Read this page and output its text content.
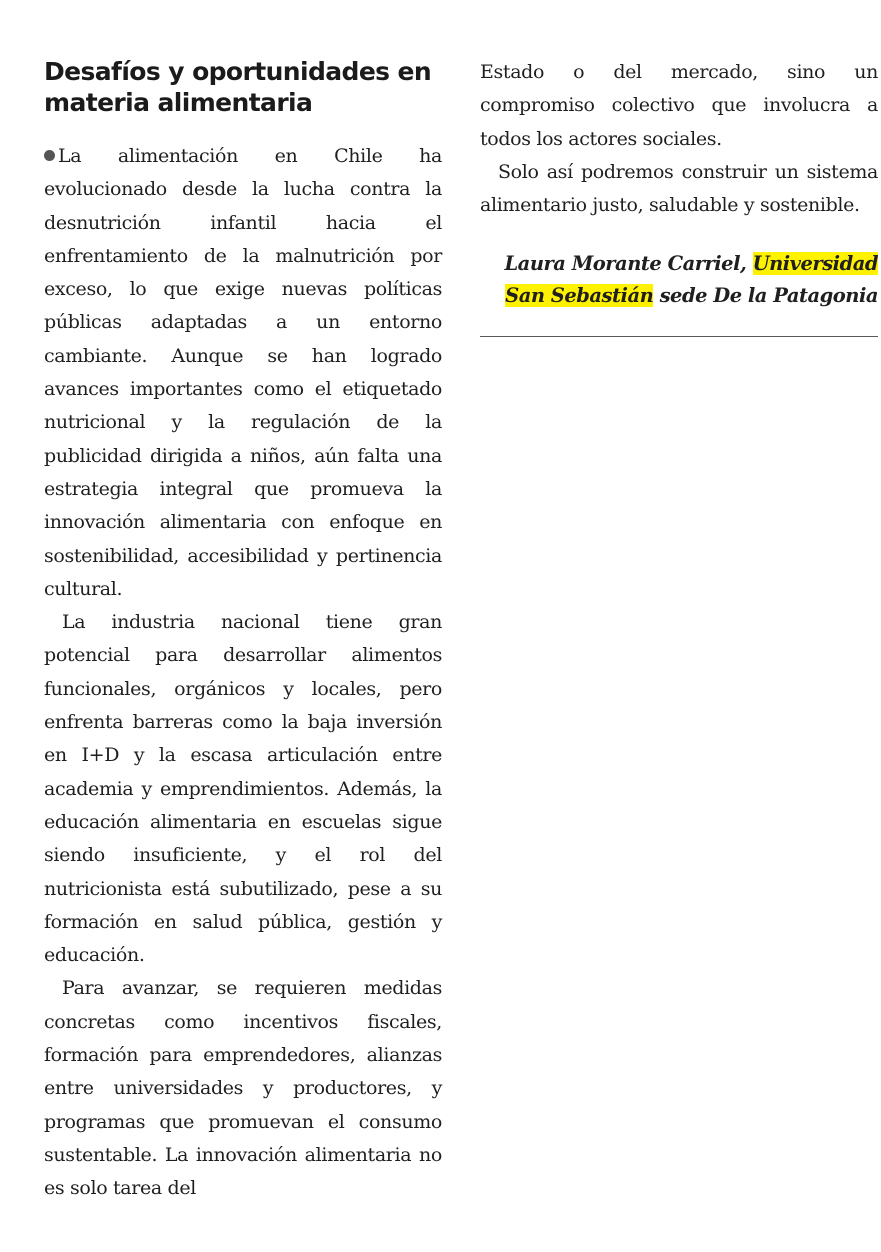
Desafíos y oportunidades en materia alimentaria

La alimentación en Chile ha evolucionado desde la lucha contra la desnutrición infantil hacia el enfrentamiento de la malnutrición por exceso, lo que exige nuevas políticas públicas adaptadas a un entorno cambiante. Aunque se han logrado avances importantes como el etiquetado nutricional y la regulación de la publicidad dirigida a niños, aún falta una estrategia integral que promueva la innovación alimentaria con enfoque en sostenibilidad, accesibilidad y pertinencia cultural.

La industria nacional tiene gran potencial para desarrollar alimentos funcionales, orgánicos y locales, pero enfrenta barreras como la baja inversión en I+D y la escasa articulación entre academia y emprendimientos. Además, la educación alimentaria en escuelas sigue siendo insuficiente, y el rol del nutricionista está subutilizado, pese a su formación en salud pública, gestión y educación.

Para avanzar, se requieren medidas concretas como incentivos fiscales, formación para emprendedores, alianzas entre universidades y productores, y programas que promuevan el consumo sustentable. La innovación alimentaria no es solo tarea del

Estado o del mercado, sino un compromiso colectivo que involucra a todos los actores sociales.

Solo así podremos construir un sistema alimentario justo, saludable y sostenible.

Laura Morante Carriel, Universidad
San Sebastián sede De la Patagonia
